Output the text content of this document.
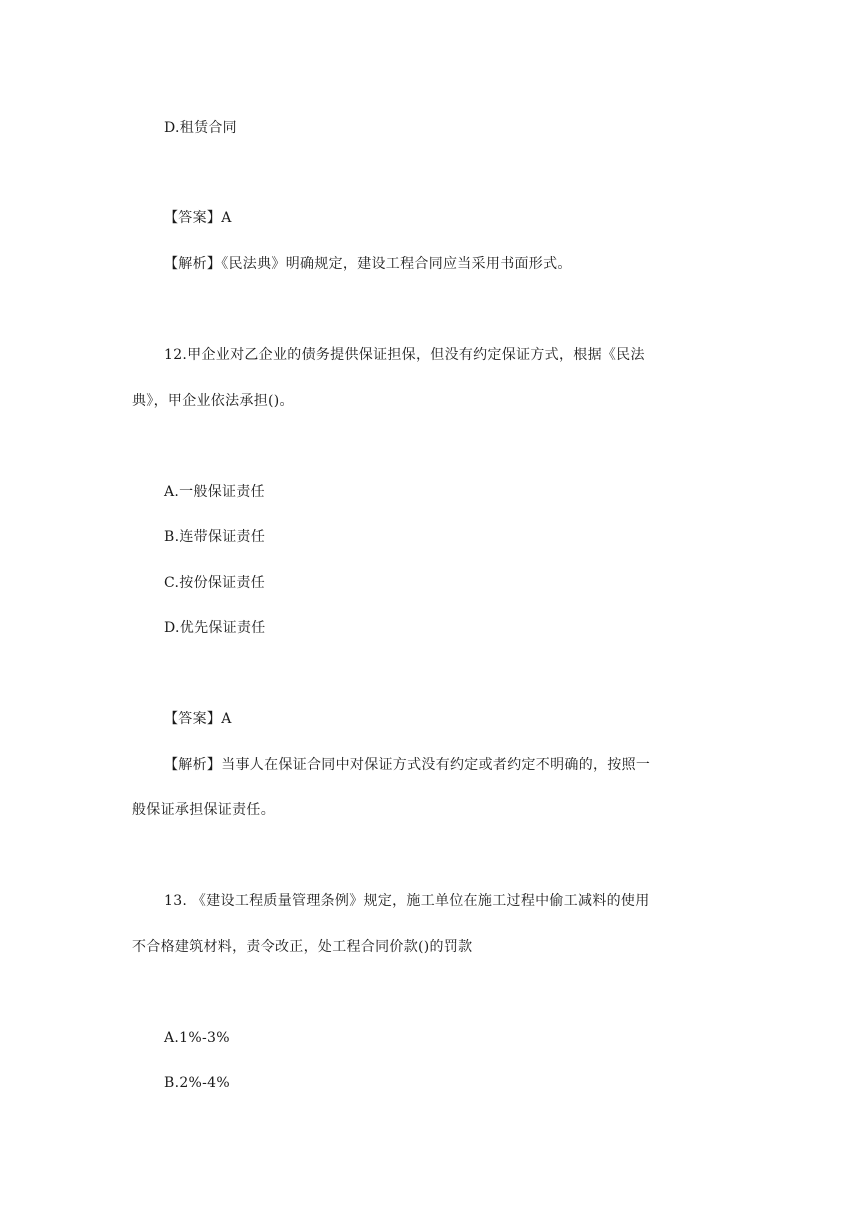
D.租赁合同
【答案】A
【解析】《民法典》明确规定，建设工程合同应当采用书面形式。
12.甲企业对乙企业的债务提供保证担保，但没有约定保证方式，根据《民法
典》，甲企业依法承担()。
A.一般保证责任
B.连带保证责任
C.按份保证责任
D.优先保证责任
【答案】A
【解析】当事人在保证合同中对保证方式没有约定或者约定不明确的，按照一
般保证承担保证责任。
13. 《建设工程质量管理条例》规定，施工单位在施工过程中偷工减料的使用
不合格建筑材料，责令改正，处工程合同价款()的罚款
A.1%-3%
B.2%-4%
